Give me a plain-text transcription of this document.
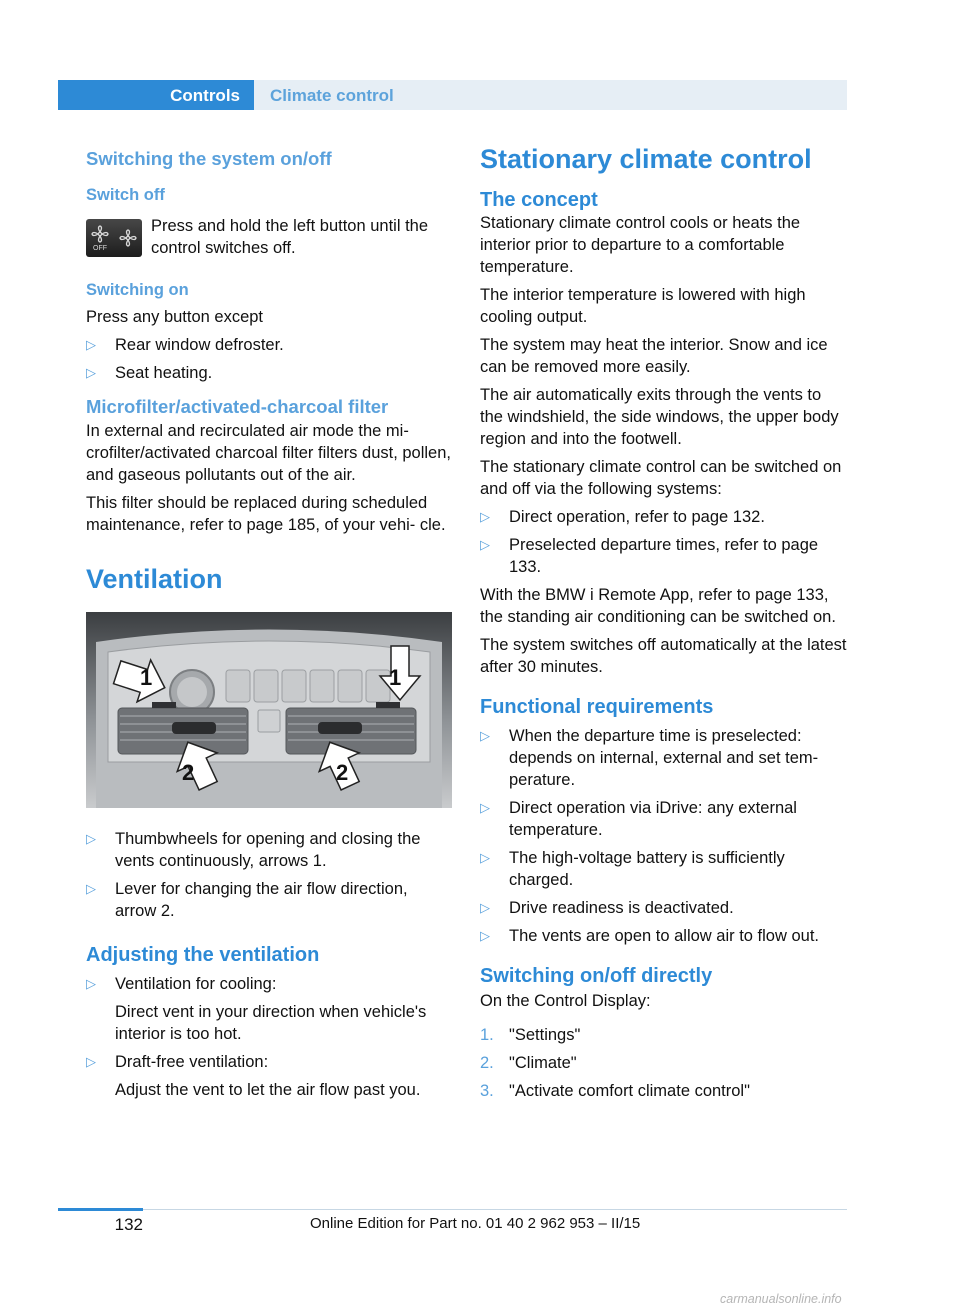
Controls	Climate control
Switching the system on/off
Switch off
OFF

Press and hold the left button until the control switches off.

Switching on

Press any button except

▷ Rear window defroster.
▷ Seat heating.
Microfilter/activated-charcoal filter

In external and recirculated air mode the mi‐ crofilter/activated charcoal filter filters dust, pollen, and gaseous pollutants out of the air.

This filter should be replaced during scheduled maintenance, refer to page 185, of your vehi‐ cle.

Ventilation
1	1
2	2
▷ Thumbwheels for opening and closing the vents continuously, arrows 1.
▷ Lever for changing the air flow direction, arrow 2.
Adjusting the ventilation
▷ Ventilation for cooling:

Direct vent in your direction when vehicle's interior is too hot.
▷ Draft-free ventilation:

Adjust the vent to let the air flow past you.
Stationary climate control
The concept

Stationary climate control cools or heats the interior prior to departure to a comfortable temperature.

The interior temperature is lowered with high cooling output.

The system may heat the interior. Snow and ice can be removed more easily.

The air automatically exits through the vents to the windshield, the side windows, the upper body region and into the footwell.

The stationary climate control can be switched on and off via the following systems:

▷ Direct operation, refer to page 132.
▷ Preselected departure times, refer to page 133.

With the BMW i Remote App, refer to page 133, the standing air conditioning can be switched on.

The system switches off automatically at the latest after 30 minutes.

Functional requirements
▷ When the departure time is preselected: depends on internal, external and set tem‐ perature.
▷ Direct operation via iDrive: any external temperature.
▷ The high-voltage battery is sufficiently charged.
▷ Drive readiness is deactivated.
▷ The vents are open to allow air to flow out.
Switching on/off directly

On the Control Display:

1. "Settings"
2. "Climate"
3. "Activate comfort climate control"
132	Online Edition for Part no. 01 40 2 962 953 – II/15
carmanualsonline.info
